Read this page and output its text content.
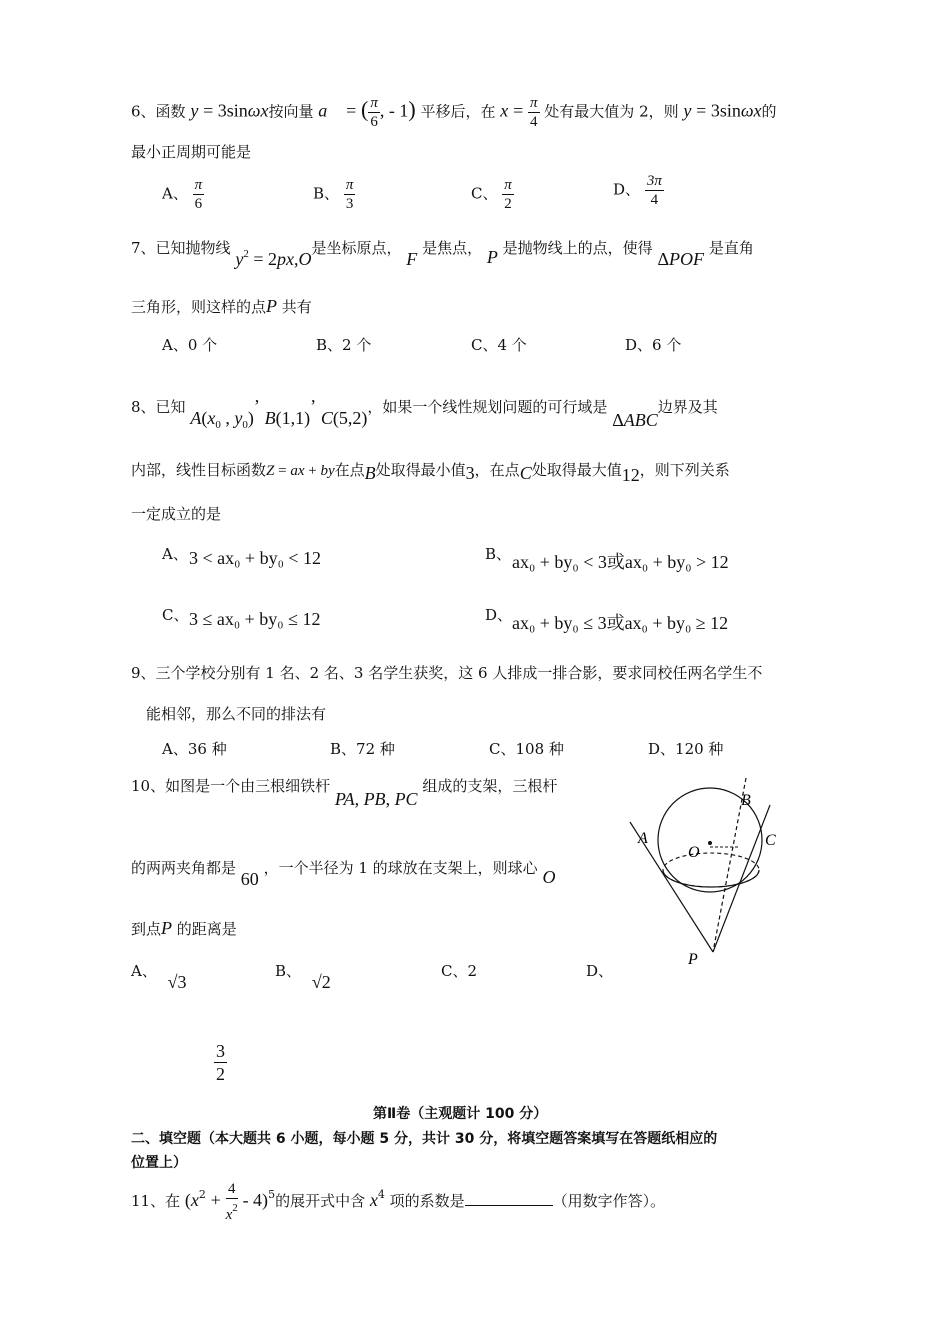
6、函数 y = 3sinωx按向量 a⃗ = ( $\frac{\pi}{6}$ , - 1) 平移后，在 $x = \frac{\pi}{4}$ 处有最大值为 2，则 y = 3sinωx的
最小正周期可能是
A、 $\frac{\pi}{6}$	B、 $\frac{\pi}{3}$	C、 $\frac{\pi}{2}$	D、 $\frac{3\pi}{4}$
7、已知抛物线 $y^2 = 2px,O$是坐标原点， F 是焦点， P 是抛物线上的点，使得 ΔPOF 是直角
三角形，则这样的点P 共有
A、0 个	B、2 个	C、4 个	D、6 个
8、已知 $A(x_0$ , $y_0$)’ B(1,1)’ C(5,2)，如果一个线性规划问题的可行域是 ΔABC边界及其
内部，线性目标函数Z = ax + by在点B处取得最小值3，在点C处取得最大值12，则下列关系
一定成立的是
A、 3 < ax₀ + by₀ < 12	B、 ax₀ + by₀ < 3或ax₀ + by₀ > 12
C、 3 ≤ ax₀ + by₀ ≤ 12	D、 ax₀ + by₀ ≤ 3或ax₀ + by₀ ≥ 12
9、三个学校分别有 1 名、2 名、3 名学生获奖，这 6 人排成一排合影，要求同校任两名学生不
能相邻，那么不同的排法有
A、36 种	B、72 种	C、108 种	D、120 种
10、如图是一个由三根细铁杆 PA, PB, PC 组成的支架，三根杆
的两两夹角都是 60 ，一个半径为 1 的球放在支架上，则球心 O
到点P 的距离是
A、 √3
B、 √2
C、2	D、
$\frac{3}{2}$
B
A	C
O
P
第Ⅱ卷（主观题计 100 分）
二、填空题（本大题共 6 小题，每小题 5 分，共计 30 分，将填空题答案填写在答题纸相应的
位置上）
11、在 $(x^2 + \frac{4}{x^2} - 4)^5$的展开式中含 $x^4$ 项的系数是	（用数字作答）。
